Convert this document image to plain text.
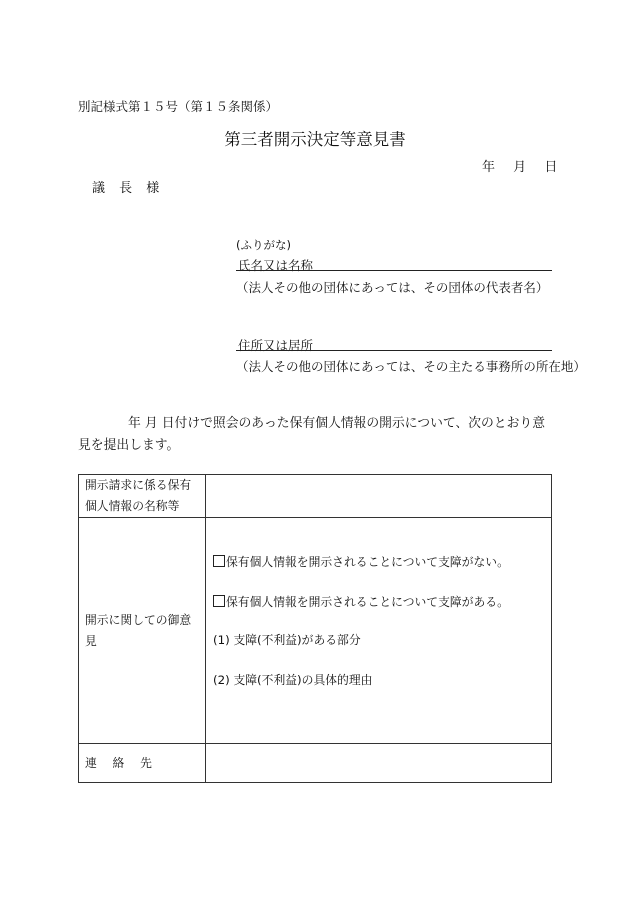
別記様式第１５号（第１５条関係）
第三者開示決定等意見書
年 月 日
議 長 様
(ふりがな)
氏名又は名称
（法人その他の団体にあっては、その団体の代表者名）
住所又は居所
（法人その他の団体にあっては、その主たる事務所の所在地）
年 月 日付けで照会のあった保有個人情報の開示について、次のとおり意見を提出します。
開示請求に係る保有個人情報の名称等	
開示に関しての御意見	保有個人情報を開示されることについて支障がない。

保有個人情報を開示されることについて支障がある。

(1) 支障(不利益)がある部分

(2) 支障(不利益)の具体的理由

連 絡 先	
